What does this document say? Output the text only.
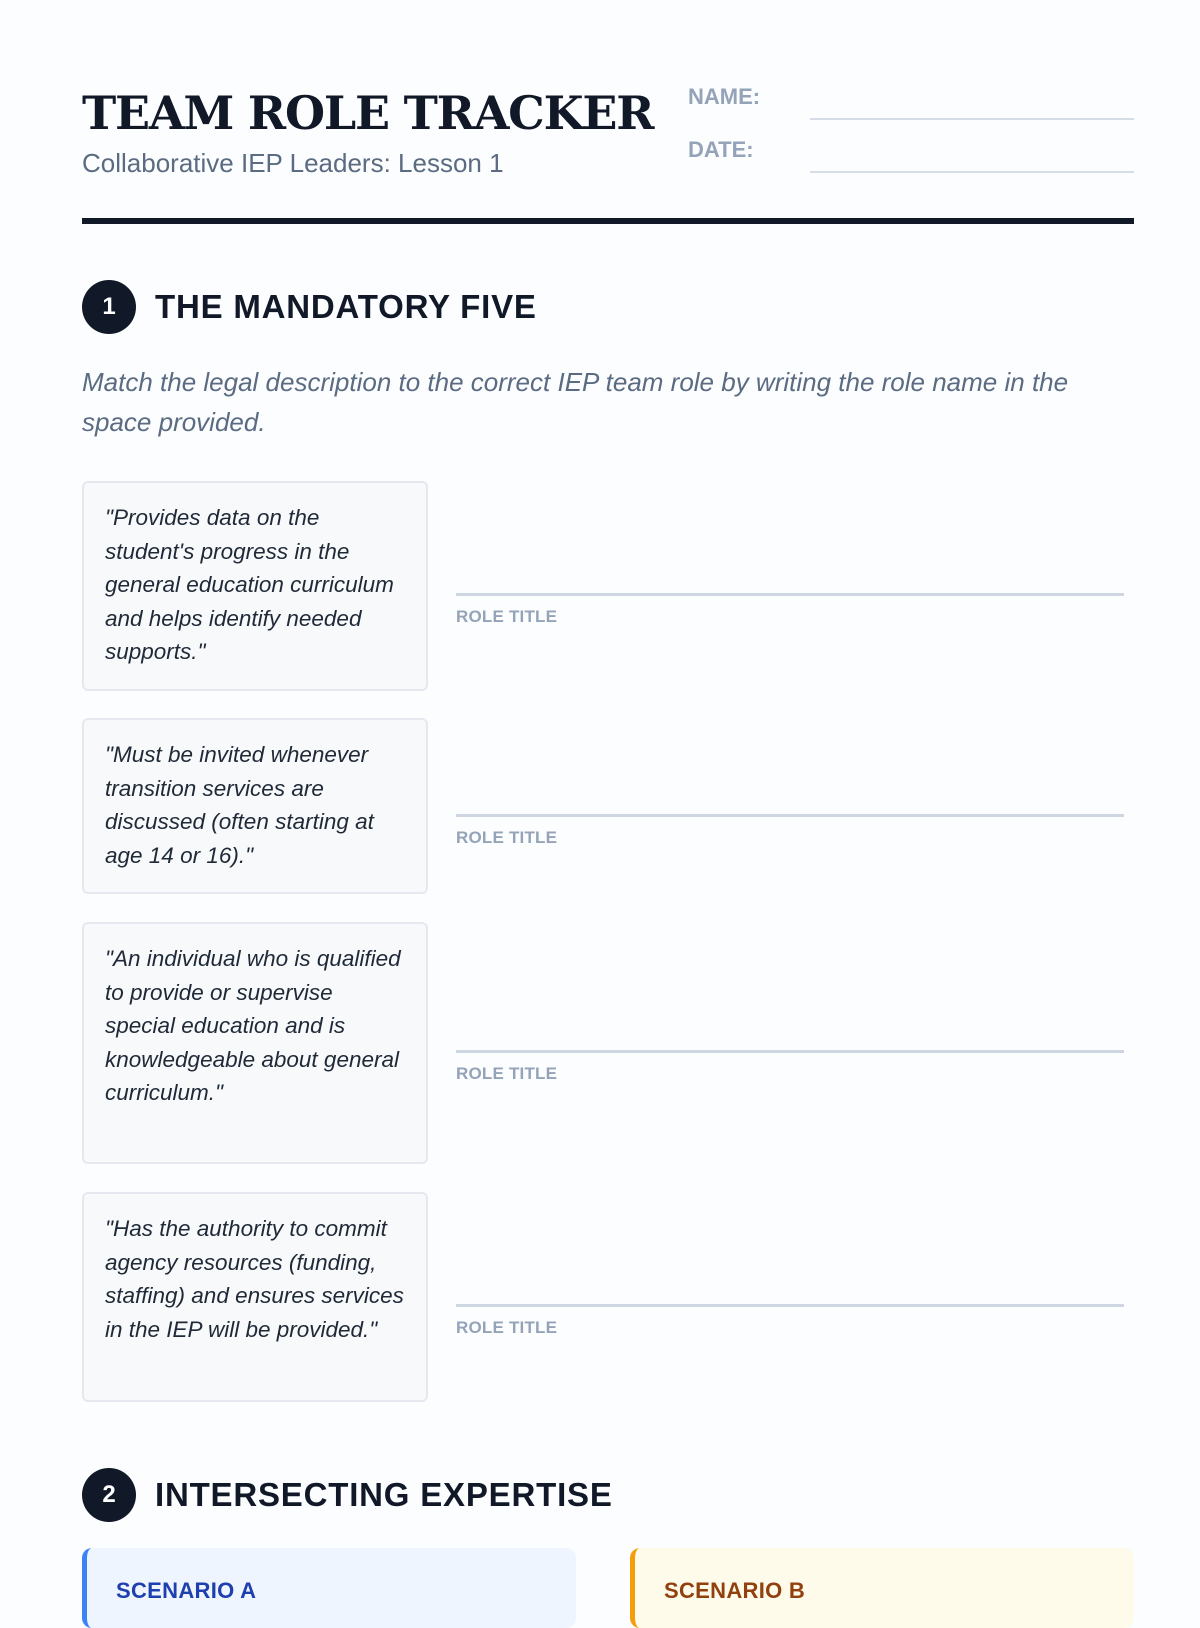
TEAM ROLE TRACKER
Collaborative IEP Leaders: Lesson 1
NAME:
DATE:
1	THE MANDATORY FIVE
Match the legal description to the correct IEP team role by writing the role name in the space provided.
"Provides data on the student's progress in the general education curriculum and helps identify needed supports."
ROLE TITLE
"Must be invited whenever transition services are discussed (often starting at age 14 or 16)."
ROLE TITLE
"An individual who is qualified to provide or supervise special education and is knowledgeable about general curriculum."
ROLE TITLE
"Has the authority to commit agency resources (funding, staffing) and ensures services in the IEP will be provided."	ROLE TITLE
2	INTERSECTING EXPERTISE
SCENARIO A	SCENARIO B
